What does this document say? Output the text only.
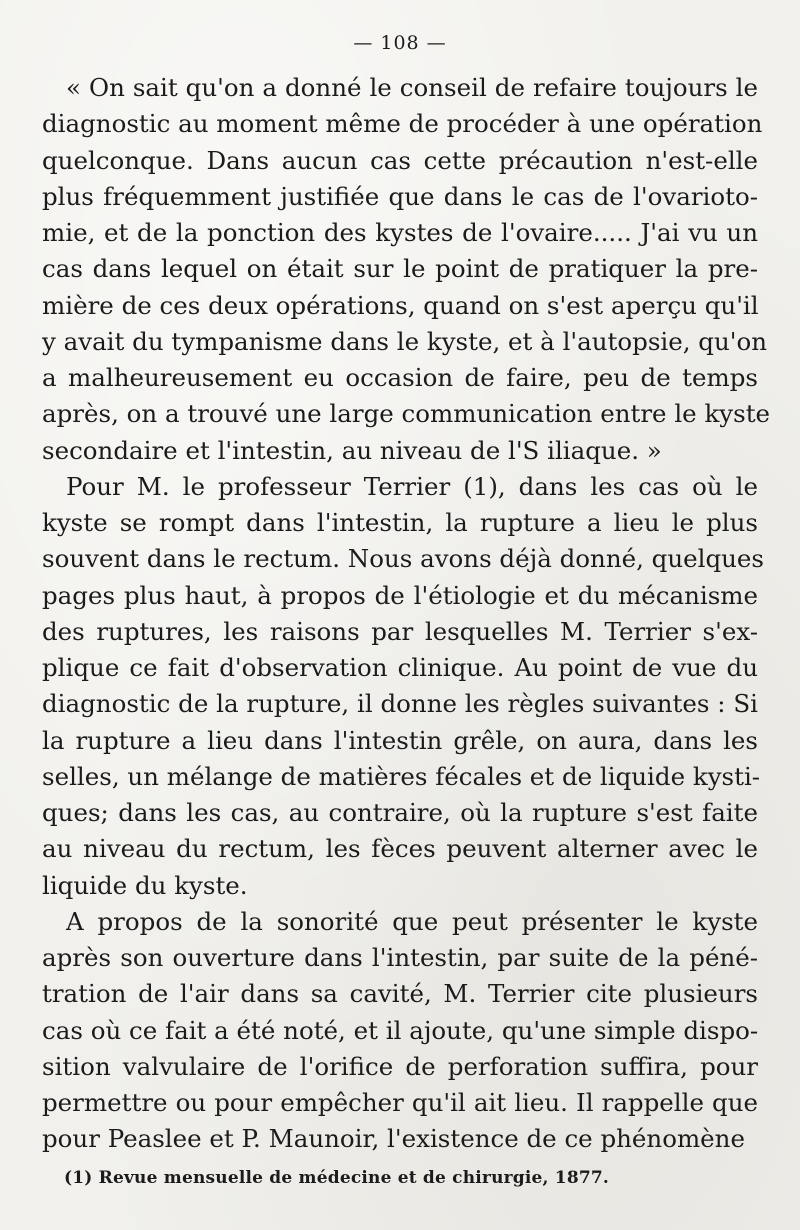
— 108 —
« On sait qu'on a donné le conseil de refaire toujours le
diagnostic au moment même de procéder à une opération
quelconque. Dans aucun cas cette précaution n'est-elle
plus fréquemment justifiée que dans le cas de l'ovarioto-
mie, et de la ponction des kystes de l'ovaire..... J'ai vu un
cas dans lequel on était sur le point de pratiquer la pre-
mière de ces deux opérations, quand on s'est aperçu qu'il
y avait du tympanisme dans le kyste, et à l'autopsie, qu'on
a malheureusement eu occasion de faire, peu de temps
après, on a trouvé une large communication entre le kyste
secondaire et l'intestin, au niveau de l'S iliaque. »
Pour M. le professeur Terrier (1), dans les cas où le
kyste se rompt dans l'intestin, la rupture a lieu le plus
souvent dans le rectum. Nous avons déjà donné, quelques
pages plus haut, à propos de l'étiologie et du mécanisme
des ruptures, les raisons par lesquelles M. Terrier s'ex-
plique ce fait d'observation clinique. Au point de vue du
diagnostic de la rupture, il donne les règles suivantes : Si
la rupture a lieu dans l'intestin grêle, on aura, dans les
selles, un mélange de matières fécales et de liquide kysti-
ques; dans les cas, au contraire, où la rupture s'est faite
au niveau du rectum, les fèces peuvent alterner avec le
liquide du kyste.
A propos de la sonorité que peut présenter le kyste
après son ouverture dans l'intestin, par suite de la péné-
tration de l'air dans sa cavité, M. Terrier cite plusieurs
cas où ce fait a été noté, et il ajoute, qu'une simple dispo-
sition valvulaire de l'orifice de perforation suffira, pour
permettre ou pour empêcher qu'il ait lieu. Il rappelle que
pour Peaslee et P. Maunoir, l'existence de ce phénomène
(1) Revue mensuelle de médecine et de chirurgie, 1877.
